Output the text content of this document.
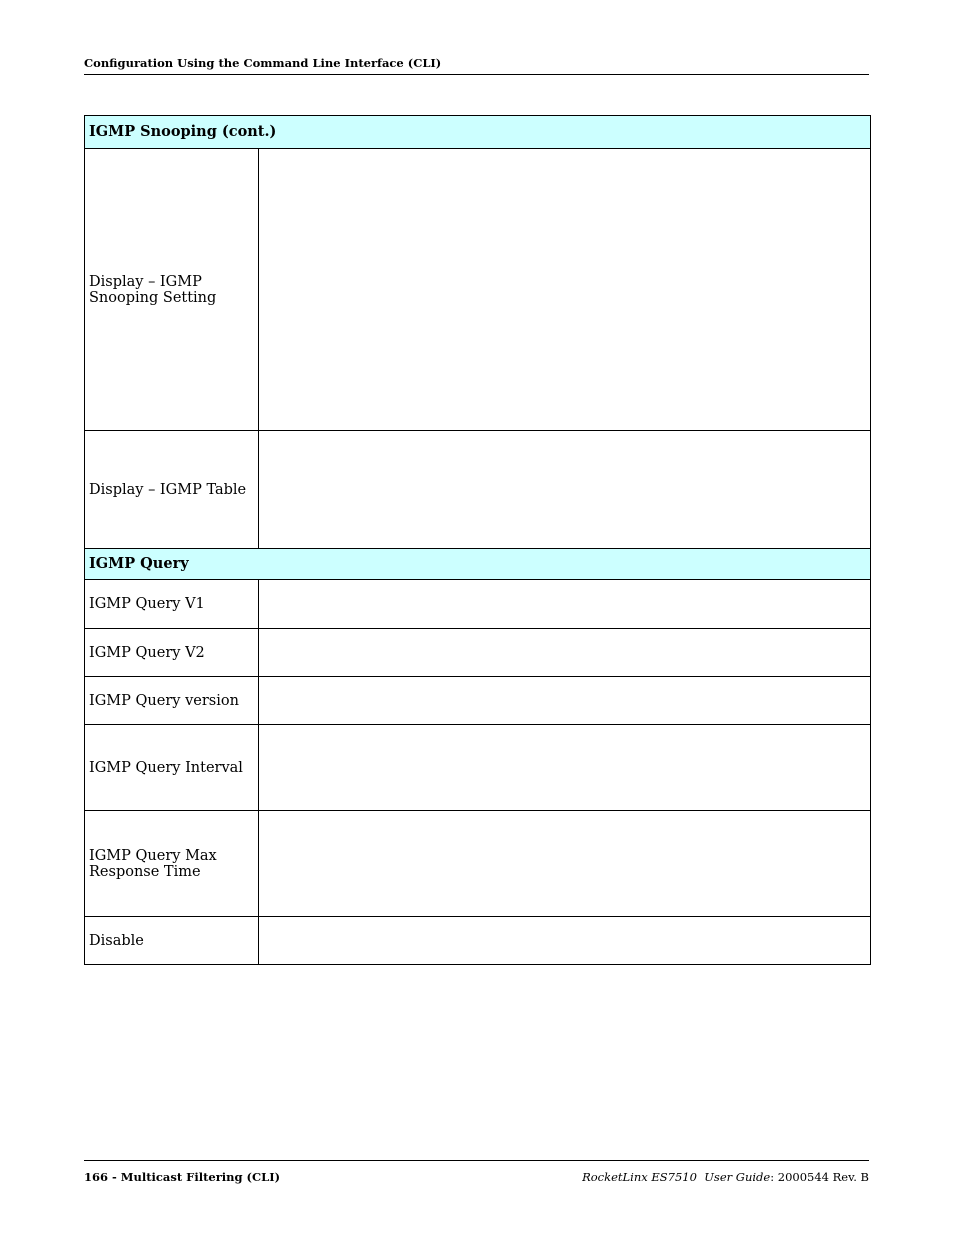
Configuration Using the Command Line Interface (CLI)
IGMP Snooping (cont.)	
Display – IGMP
Snooping Setting	
Display – IGMP Table	
IGMP Query	
IGMP Query V1	
IGMP Query V2	
IGMP Query version	
IGMP Query Interval	
IGMP Query Max
Response Time	
Disable	
166 - Multicast Filtering (CLI)	RocketLinx ES7510 User Guide: 2000544 Rev. B
